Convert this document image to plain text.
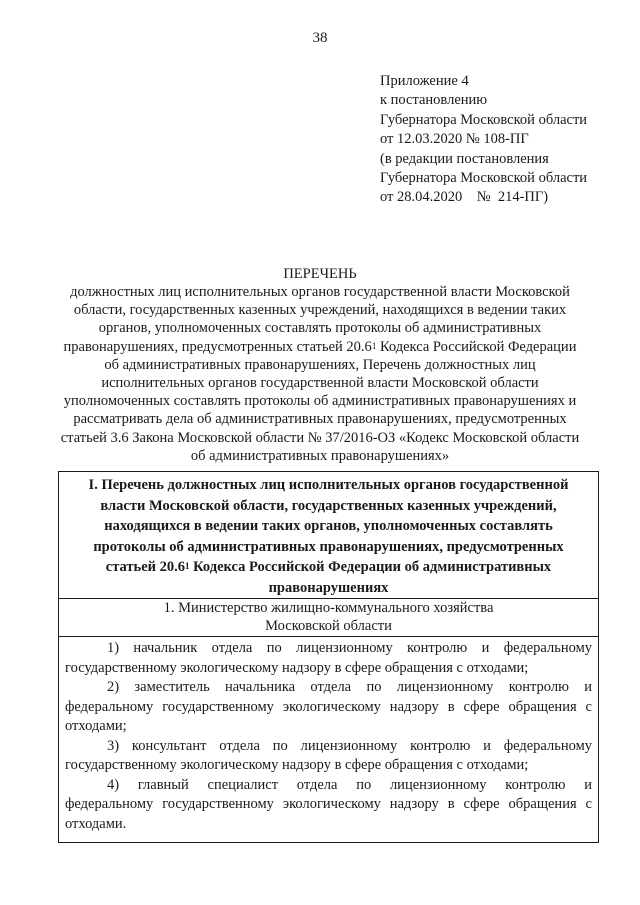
38
Приложение 4
к постановлению
Губернатора Московской области
от 12.03.2020 № 108-ПГ
(в редакции постановления
Губернатора Московской области
от 28.04.2020    №  214-ПГ)
ПЕРЕЧЕНЬ
должностных лиц исполнительных органов государственной власти Московской
области, государственных казенных учреждений, находящихся в ведении таких
органов, уполномоченных составлять протоколы об административных
правонарушениях, предусмотренных статьей 20.6$^1$ Кодекса Российской Федерации
об административных правонарушениях, Перечень должностных лиц
исполнительных органов государственной власти Московской области
уполномоченных составлять протоколы об административных правонарушениях и
рассматривать дела об административных правонарушениях, предусмотренных
статьей 3.6 Закона Московской области № 37/2016-ОЗ «Кодекс Московской области
об административных правонарушениях»
I. Перечень должностных лиц исполнительных органов государственной
власти Московской области, государственных казенных учреждений,
находящихся в ведении таких органов, уполномоченных составлять
протоколы об административных правонарушениях, предусмотренных
статьей 20.6$^1$ Кодекса Российской Федерации об административных
правонарушениях
1. Министерство жилищно-коммунального хозяйства
Московской области
1) начальник отдела по лицензионному контролю и федеральному
государственному экологическому надзору в сфере обращения с отходами;
2) заместитель начальника отдела по лицензионному контролю и
федеральному государственному экологическому надзору в сфере обращения с
отходами;
3) консультант отдела по лицензионному контролю и федеральному
государственному экологическому надзору в сфере обращения с отходами;
4) главный специалист отдела по лицензионному контролю и
федеральному государственному экологическому надзору в сфере обращения с
отходами.
